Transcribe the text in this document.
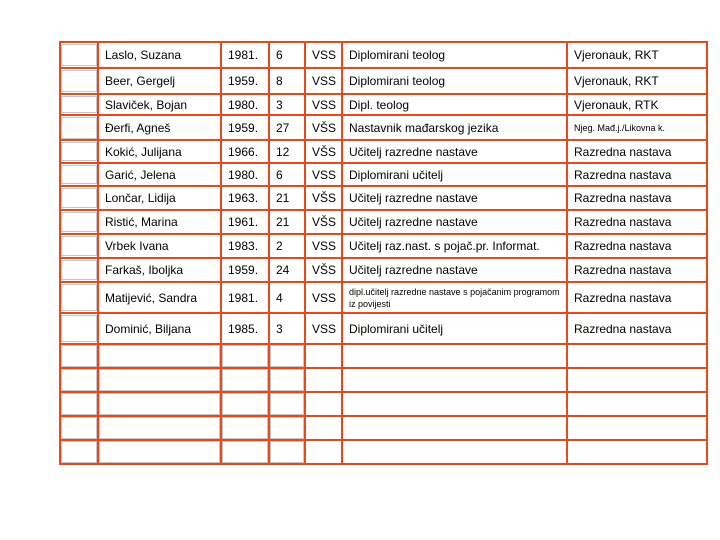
	Laslo, Suzana	1981.	6	VSS	Diplomirani teolog	Vjeronauk, RKT

	Beer, Gergelj	1959.	8	VSS	Diplomirani teolog	Vjeronauk, RKT

	Slaviček, Bojan	1980.	3	VSS	Dipl. teolog	Vjeronauk, RTK

	Đerfi, Agneš	1959.	27	VŠS	Nastavnik mađarskog jezika	Njeg. Mađ.j./Likovna k.

	Kokić, Julijana	1966.	12	VŠS	Učitelj razredne nastave	Razredna nastava

	Garić, Jelena	1980.	6	VSS	Diplomirani učitelj	Razredna nastava

	Lončar, Lidija	1963.	21	VŠS	Učitelj razredne nastave	Razredna nastava

	Ristić, Marina	1961.	21	VŠS	Učitelj razredne nastave	Razredna nastava

	Vrbek Ivana	1983.	2	VSS	Učitelj raz.nast. s pojač.pr. Informat.	Razredna nastava

	Farkaš, Iboljka	1959.	24	VŠS	Učitelj razredne nastave	Razredna nastava

	Matijević, Sandra	1981.	4	VSS	dipl.učitelj razredne nastave s pojačanim programom iz povijesti	Razredna nastava

	Dominić, Biljana	1985.	3	VSS	Diplomirani učitelj	Razredna nastava
